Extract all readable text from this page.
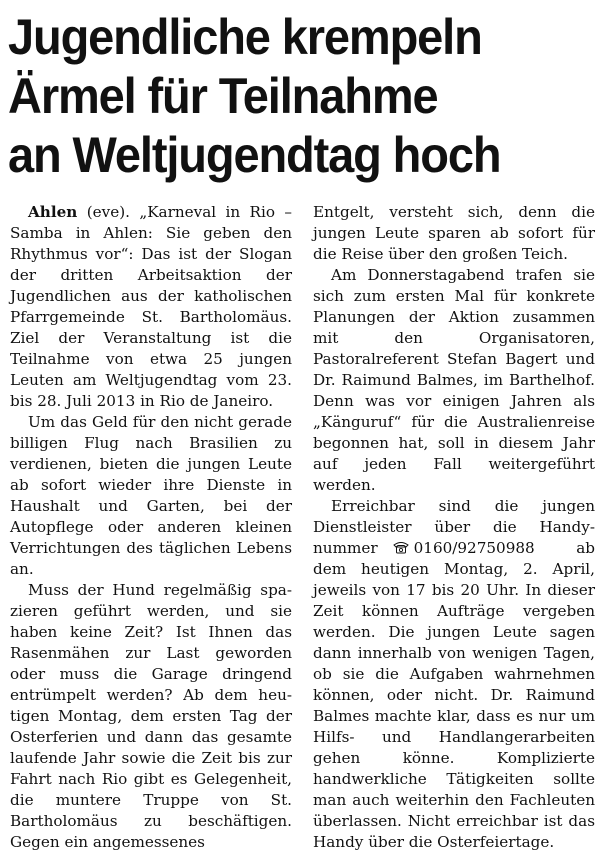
Jugendliche krempeln
Ärmel für Teilnahme
an Weltjugendtag hoch

Ahlen (eve). „Karneval in Rio – Samba in Ahlen: Sie geben den Rhythmus vor“: Das ist der Slogan der dritten Arbeitsaktion der Jugendlichen aus der katholischen Pfarrgemeinde St. Bartholomäus. Ziel der Veranstaltung ist die Teilnahme von etwa 25 jungen Leuten am Weltjugendtag vom 23. bis 28. Juli 2013 in Rio de Janeiro.

Um das Geld für den nicht gerade billigen Flug nach Brasilien zu verdienen, bieten die jungen Leute ab sofort wieder ihre Dienste in Haushalt und Garten, bei der Autopflege oder anderen kleinen Verrichtungen des täglichen Lebens an.

Muss der Hund regelmäßig spazieren geführt werden, und sie haben keine Zeit? Ist Ihnen das Rasenmähen zur Last geworden oder muss die Garage dringend entrümpelt werden? Ab dem heutigen Montag, dem ersten Tag der Osterferien und dann das gesamte laufende Jahr sowie die Zeit bis zur Fahrt nach Rio gibt es Gelegenheit, die muntere Truppe von St. Bartholomäus zu beschäftigen. Gegen ein angemessenes

Entgelt, versteht sich, denn die jungen Leute sparen ab sofort für die Reise über den großen Teich.

Am Donnerstagabend trafen sie sich zum ersten Mal für konkrete Planungen der Aktion zusammen mit den Organisatoren, Pastoralreferent Stefan Bagert und Dr. Raimund Balmes, im Barthelhof. Denn was vor einigen Jahren als „Känguruf“ für die Australienreise begonnen hat, soll in diesem Jahr auf jeden Fall weitergeführt werden.

Erreichbar sind die jungen Dienstleister über die Handynummer 0160/92750988 ab dem heutigen Montag, 2. April, jeweils von 17 bis 20 Uhr. In dieser Zeit können Aufträge vergeben werden. Die jungen Leute sagen dann innerhalb von wenigen Tagen, ob sie die Aufgaben wahrnehmen können, oder nicht. Dr. Raimund Balmes machte klar, dass es nur um Hilfs- und Handlangerarbeiten gehen könne. Komplizierte handwerkliche Tätigkeiten sollte man auch weiterhin den Fachleuten überlassen. Nicht erreichbar ist das Handy über die Osterfeiertage.
